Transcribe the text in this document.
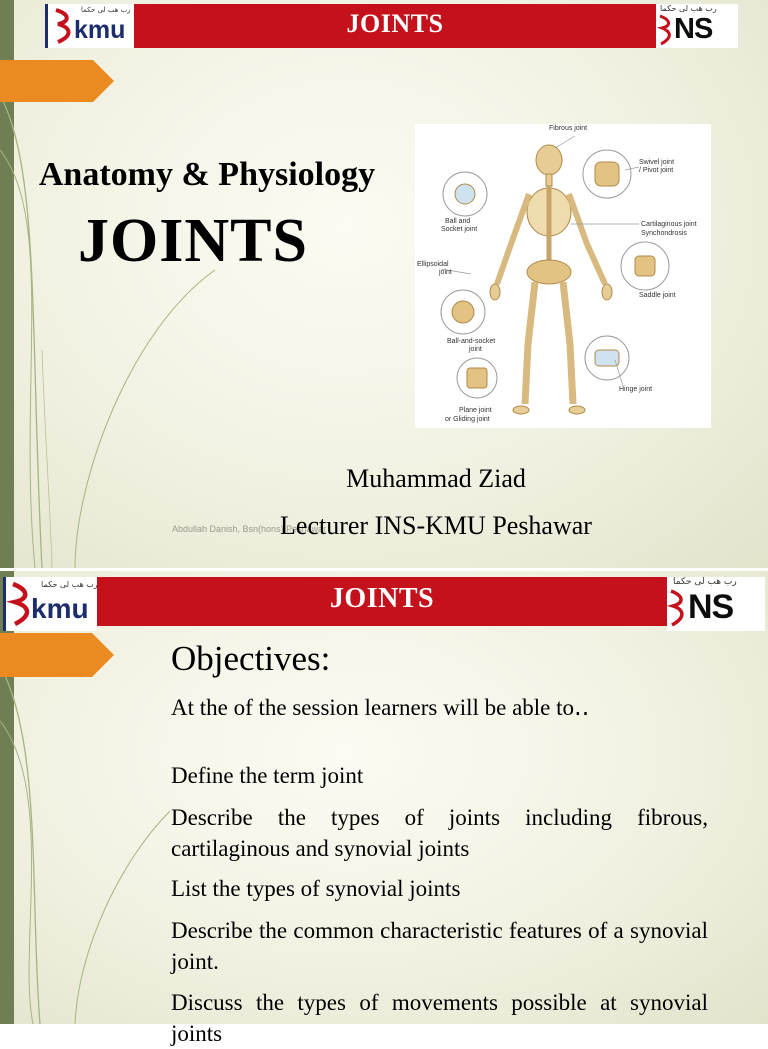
JOINTS
رب ھب لی حکما
kmu
رب ھب لی حکما
NS
Anatomy & Physiology
JOINTS
Fibrous joint
Swivel joint
/ Pivot joint
Ball and
Socket joint
Cartilaginous joint
Synchondrosis
Ellipsoidal
joint
Saddle joint
Ball-and-socket
joint
Hinge joint
Plane joint
or Gliding joint
Abdullah Danish, Bsn(hons) Peshawar
Muhammad Ziad
Lecturer INS-KMU Peshawar
JOINTS
رب ھب لی حکما
kmu
رب ھب لی حکما
NS
Objectives:
At the of the session learners will be able to‥
Define the term joint
Describe the types of joints including fibrous, cartilaginous and synovial joints
List the types of synovial joints
Describe the common characteristic features of a synovial joint.
Discuss the types of movements possible at synovial joints
